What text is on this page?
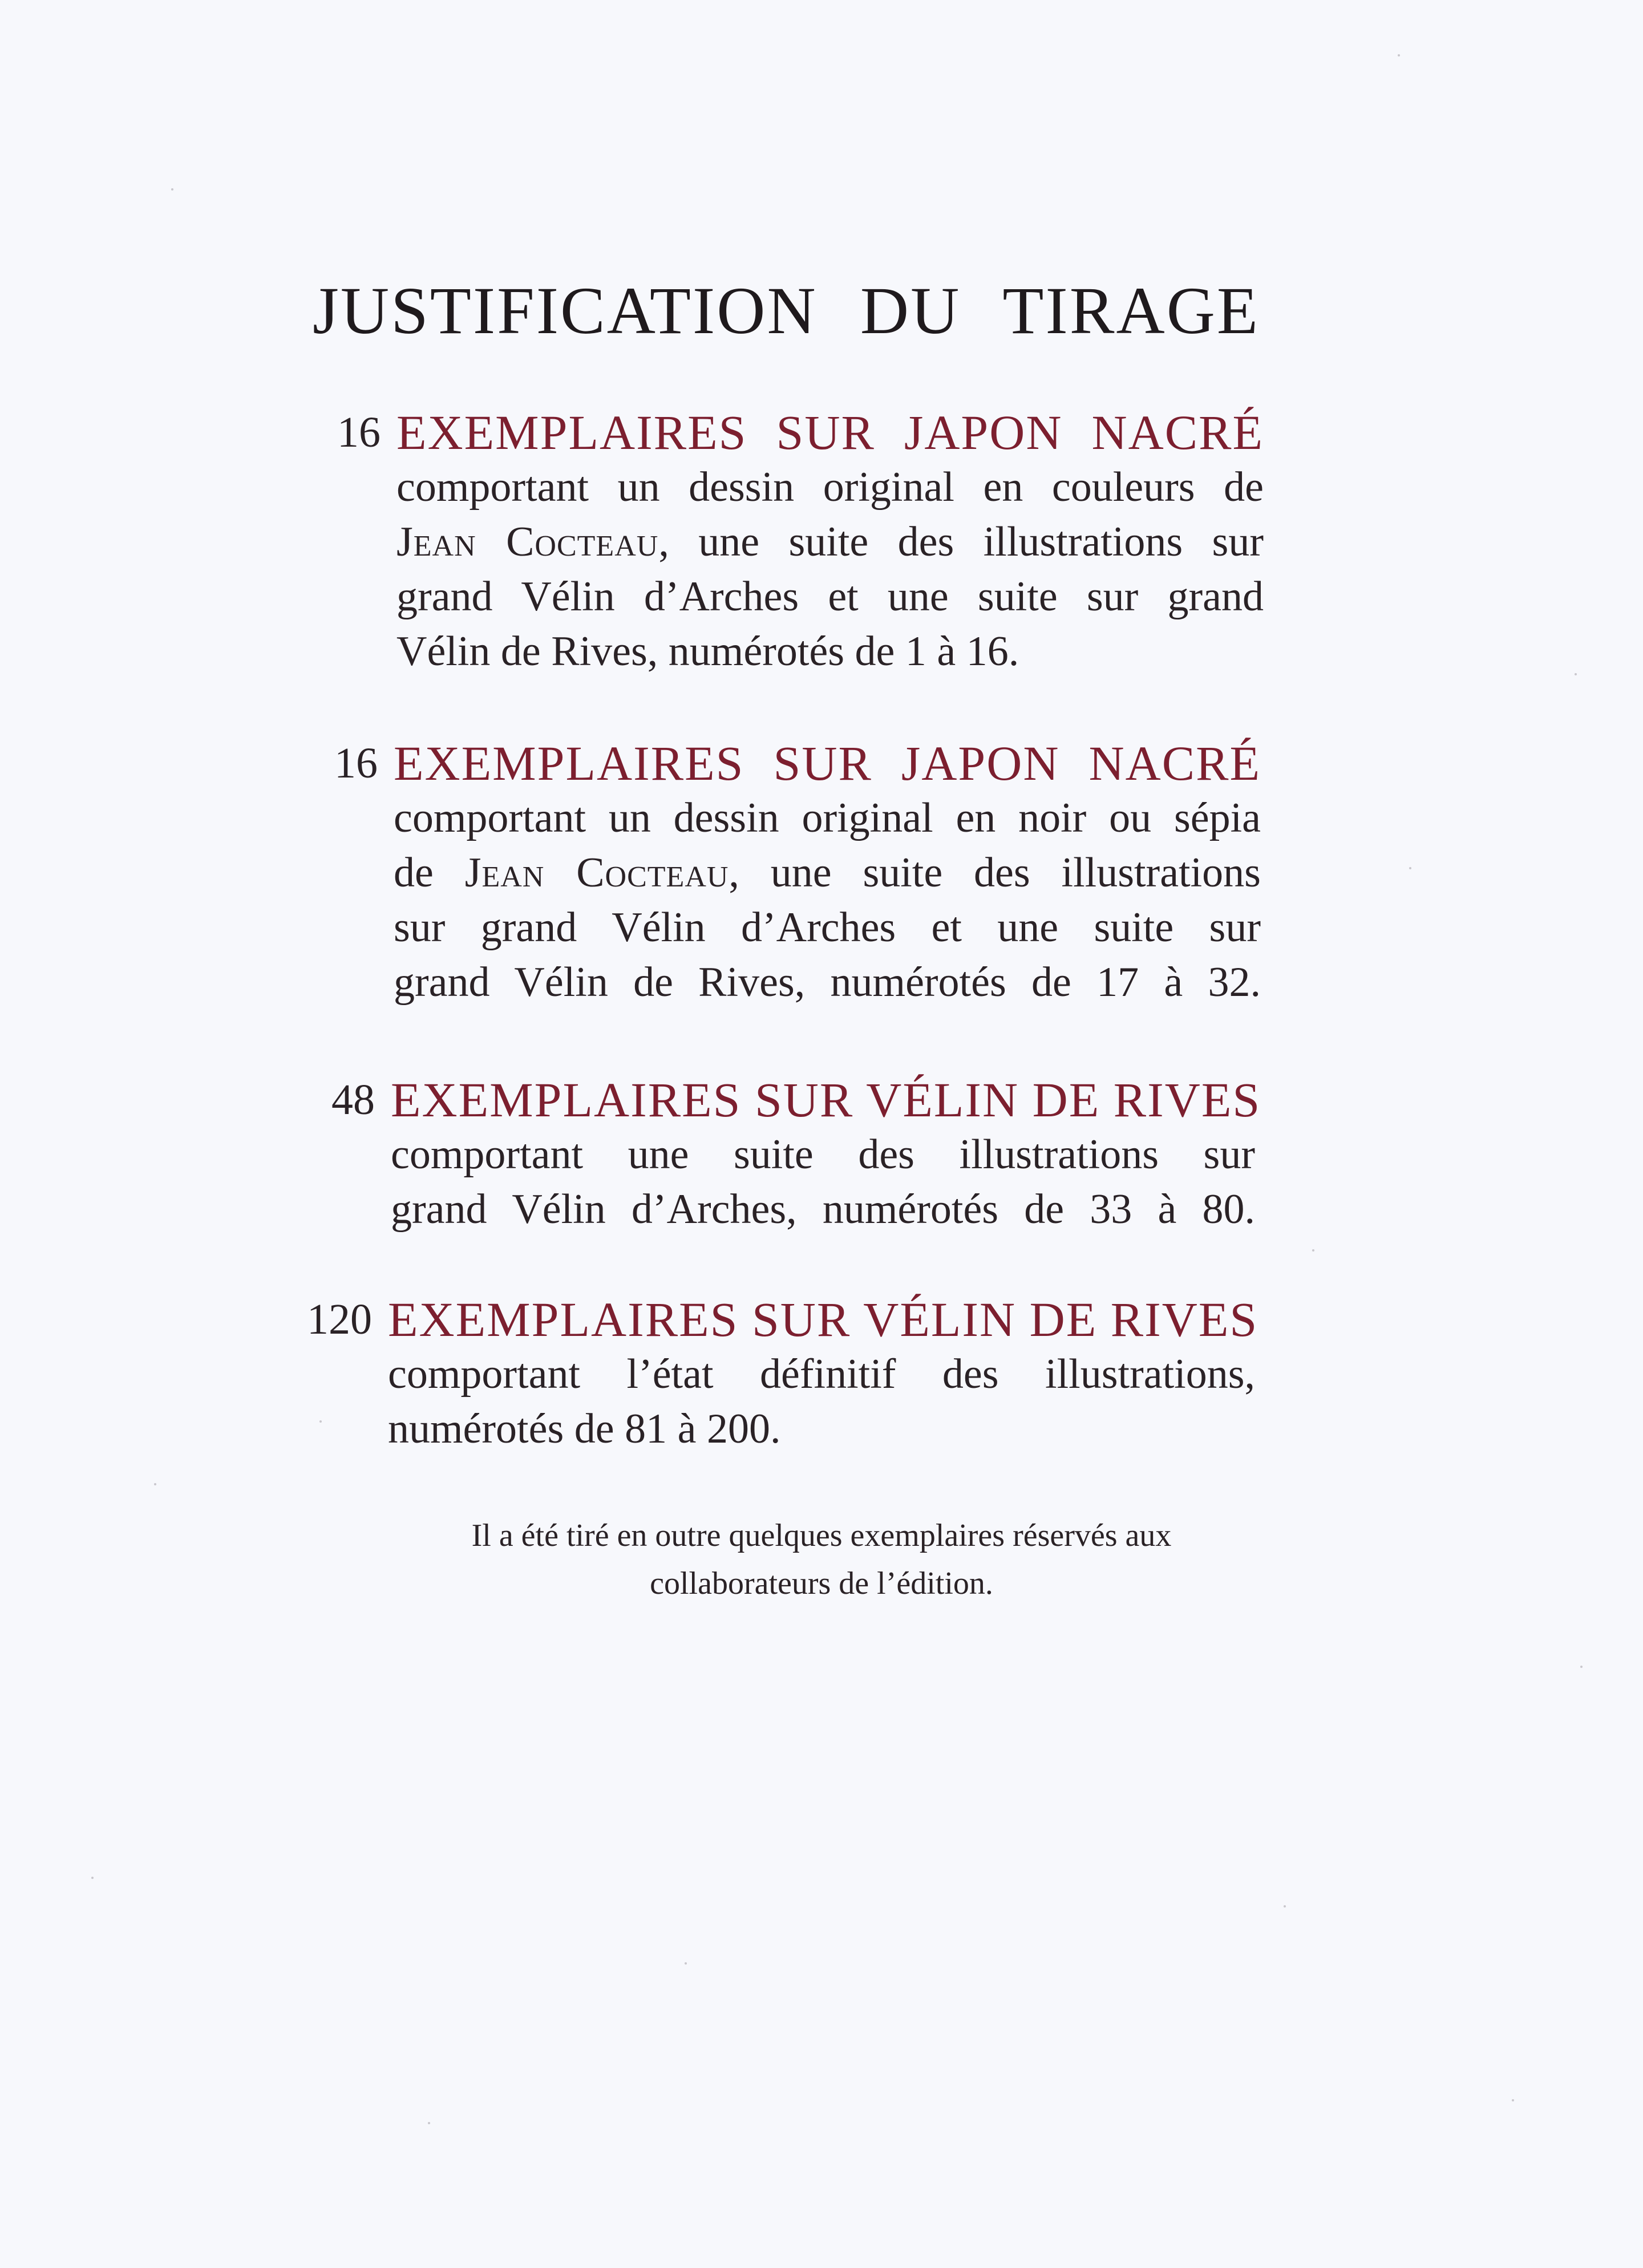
JUSTIFICATION DU TIRAGE
16 EXEMPLAIRES SUR JAPON NACRÉ
comportant un dessin original en couleurs de
Jean Cocteau, une suite des illustrations sur
grand Vélin d’Arches et une suite sur grand
Vélin de Rives, numérotés de 1 à 16.
16 EXEMPLAIRES SUR JAPON NACRÉ
comportant un dessin original en noir ou sépia
de Jean Cocteau, une suite des illustrations
sur grand Vélin d’Arches et une suite sur
grand Vélin de Rives, numérotés de 17 à 32.
48 EXEMPLAIRES SUR VÉLIN DE RIVES
comportant une suite des illustrations sur
grand Vélin d’Arches, numérotés de 33 à 80.
120 EXEMPLAIRES SUR VÉLIN DE RIVES
comportant l’état définitif des illustrations,
numérotés de 81 à 200.
Il a été tiré en outre quelques exemplaires réservés aux
collaborateurs de l’édition.
